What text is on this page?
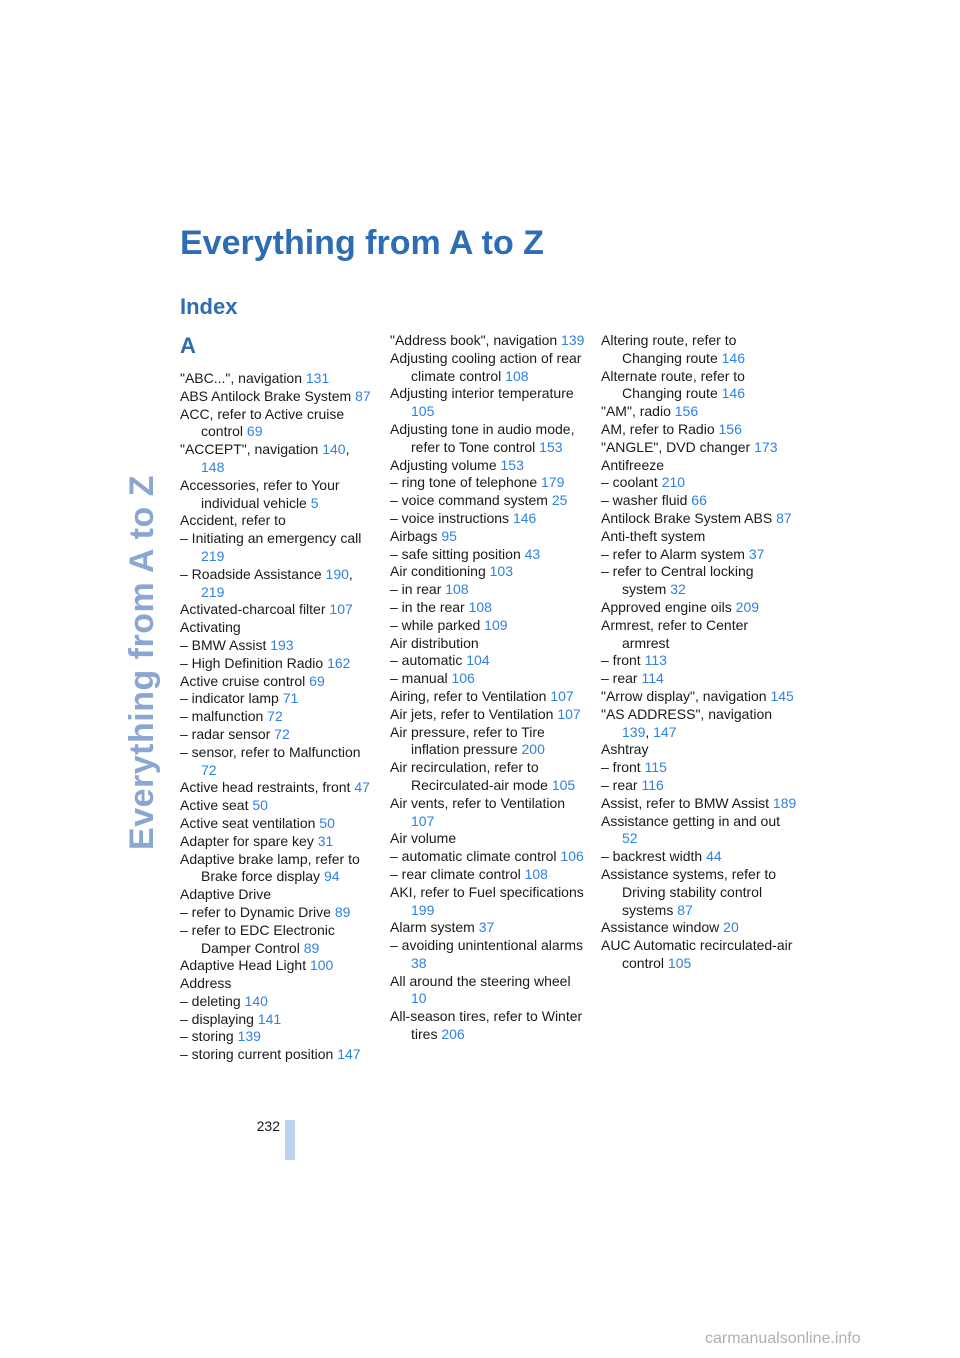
Everything from A to Z
Everything from A to Z
Index
A
"ABC...", navigation 131
ABS Antilock Brake System 87
ACC, refer to Active cruise control 69
"ACCEPT", navigation 140, 148
Accessories, refer to Your individual vehicle 5
Accident, refer to
– Initiating an emergency call 219
– Roadside Assistance 190, 219
Activated-charcoal filter 107
Activating
– BMW Assist 193
– High Definition Radio 162
Active cruise control 69
– indicator lamp 71
– malfunction 72
– radar sensor 72
– sensor, refer to Malfunction 72
Active head restraints, front 47
Active seat 50
Active seat ventilation 50
Adapter for spare key 31
Adaptive brake lamp, refer to Brake force display 94
Adaptive Drive
– refer to Dynamic Drive 89
– refer to EDC Electronic Damper Control 89
Adaptive Head Light 100
Address
– deleting 140
– displaying 141
– storing 139
– storing current position 147
"Address book", navigation 139
Adjusting cooling action of rear climate control 108
Adjusting interior temperature 105
Adjusting tone in audio mode, refer to Tone control 153
Adjusting volume 153
– ring tone of telephone 179
– voice command system 25
– voice instructions 146
Airbags 95
– safe sitting position 43
Air conditioning 103
– in rear 108
– in the rear 108
– while parked 109
Air distribution
– automatic 104
– manual 106
Airing, refer to Ventilation 107
Air jets, refer to Ventilation 107
Air pressure, refer to Tire inflation pressure 200
Air recirculation, refer to Recirculated-air mode 105
Air vents, refer to Ventilation 107
Air volume
– automatic climate control 106
– rear climate control 108
AKI, refer to Fuel specifications 199
Alarm system 37
– avoiding unintentional alarms 38
All around the steering wheel 10
All-season tires, refer to Winter tires 206
Altering route, refer to Changing route 146
Alternate route, refer to Changing route 146
"AM", radio 156
AM, refer to Radio 156
"ANGLE", DVD changer 173
Antifreeze
– coolant 210
– washer fluid 66
Antilock Brake System ABS 87
Anti-theft system
– refer to Alarm system 37
– refer to Central locking system 32
Approved engine oils 209
Armrest, refer to Center armrest
– front 113
– rear 114
"Arrow display", navigation 145
"AS ADDRESS", navigation 139, 147
Ashtray
– front 115
– rear 116
Assist, refer to BMW Assist 189
Assistance getting in and out 52
– backrest width 44
Assistance systems, refer to Driving stability control systems 87
Assistance window 20
AUC Automatic recirculated-air control 105
232
carmanualsonline.info
